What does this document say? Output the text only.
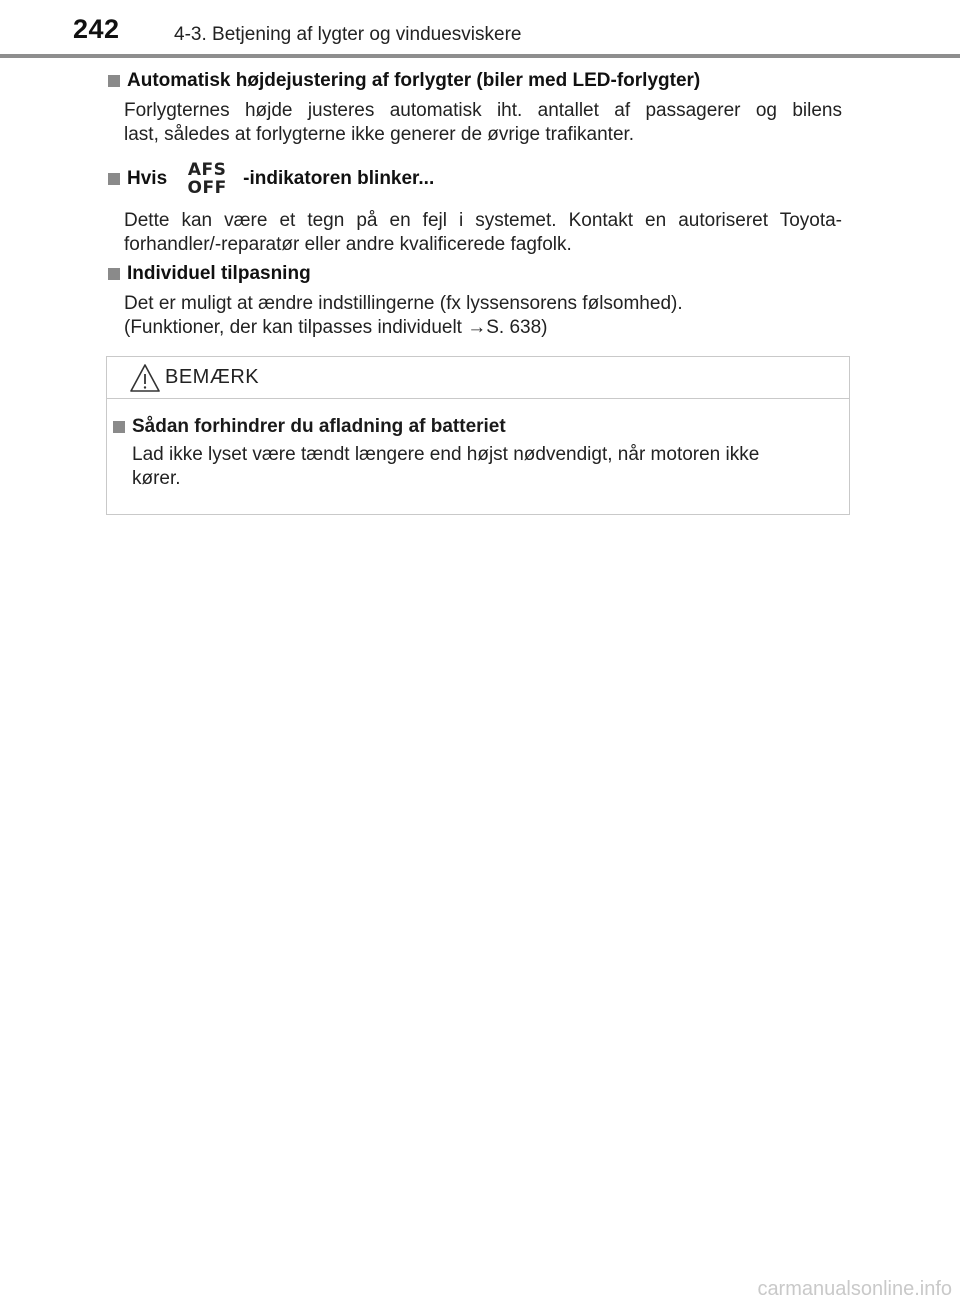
242	4-3. Betjening af lygter og vinduesviskere
Automatisk højdejustering af forlygter (biler med LED-forlygter)
Forlygternes højde justeres automatisk iht. antallet af passagerer og bilens
last, således at forlygterne ikke generer de øvrige trafikanter.
Hvis AFS
OFF -indikatoren blinker...
Dette kan være et tegn på en fejl i systemet. Kontakt en autoriseret Toyota-
forhandler/-reparatør eller andre kvalificerede fagfolk.
Individuel tilpasning
Det er muligt at ændre indstillingerne (fx lyssensorens følsomhed).
(Funktioner, der kan tilpasses individuelt →S. 638)
BEMÆRK
Sådan forhindrer du afladning af batteriet
Lad ikke lyset være tændt længere end højst nødvendigt, når motoren ikke
kører.
carmanualsonline.info
